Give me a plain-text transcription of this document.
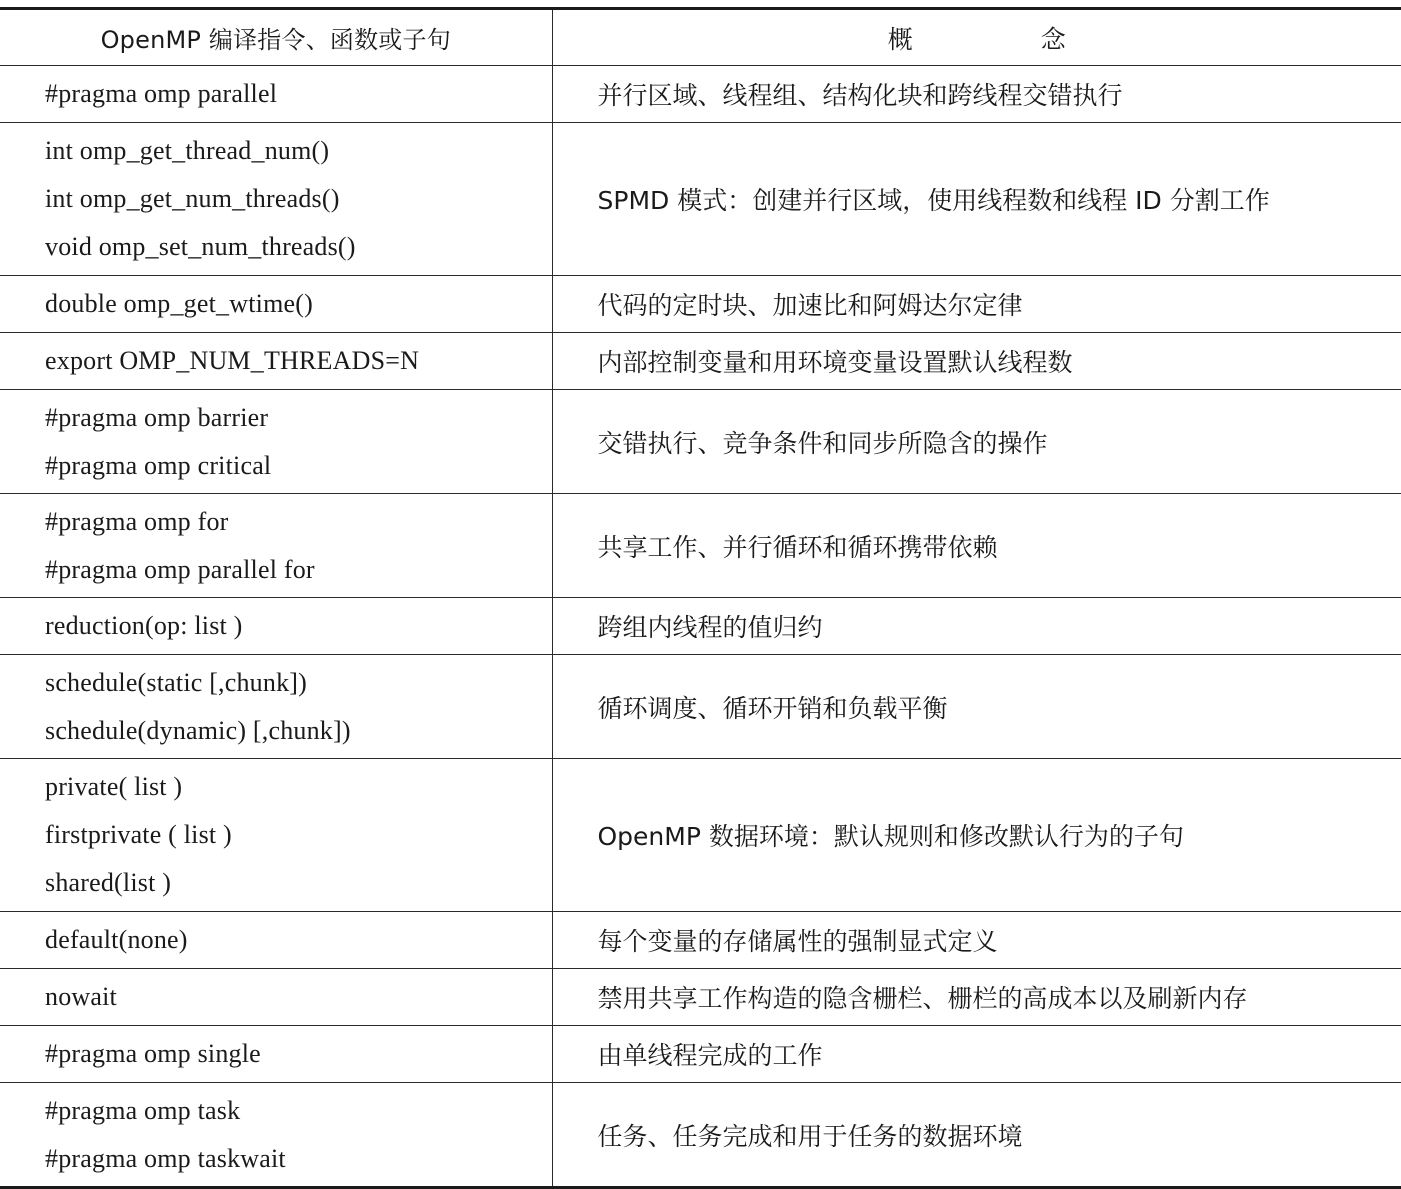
OpenMP 编译指令、函数或子句	概 念

#pragma omp parallel	并行区域、线程组、结构化块和跨线程交错执行

int omp_get_thread_num()
int omp_get_num_threads()
void omp_set_num_threads()	SPMD 模式：创建并行区域，使用线程数和线程 ID 分割工作

double omp_get_wtime()	代码的定时块、加速比和阿姆达尔定律

export OMP_NUM_THREADS=N	内部控制变量和用环境变量设置默认线程数

#pragma omp barrier
#pragma omp critical	交错执行、竞争条件和同步所隐含的操作

#pragma omp for
#pragma omp parallel for	共享工作、并行循环和循环携带依赖

reduction(op: list )	跨组内线程的值归约

schedule(static [,chunk])
schedule(dynamic) [,chunk])	循环调度、循环开销和负载平衡

private( list )
firstprivate ( list )
shared(list )	OpenMP 数据环境：默认规则和修改默认行为的子句

default(none)	每个变量的存储属性的强制显式定义

nowait	禁用共享工作构造的隐含栅栏、栅栏的高成本以及刷新内存

#pragma omp single	由单线程完成的工作

#pragma omp task
#pragma omp taskwait	任务、任务完成和用于任务的数据环境
